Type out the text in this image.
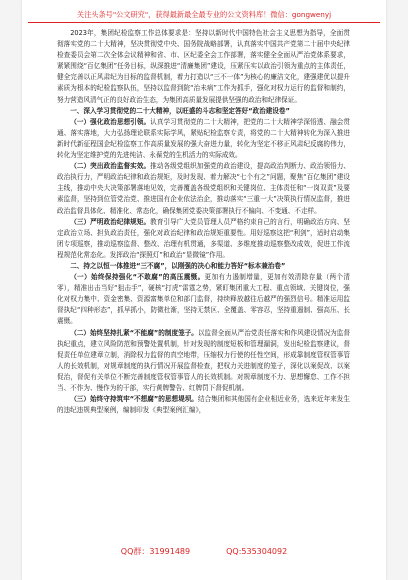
关注头条号"公文研究"，获得最新最全最专业的公文资料库！微信：gongwenyj

2023年，集团纪检监察工作总体要求是：坚持以新时代中国特色社会主义思想为指导，全面贯彻落实党的二十大精神，坚决贯彻党中央、国务院战略部署，认真落实中国共产党第二十届中央纪律检查委员会第二次全体会议精神和省、市、区纪委全会工作部署，落实健全全面从严治党体系要求，紧紧围绕“百亿集团”任务目标，纵深推进“清廉集团”建设，压紧压实以政治引领为重点的主体责任，健全完善以正风肃纪为目标的监督机制，着力打造以“三不一体”为核心的廉洁文化，建强建优以提升素质为根本的纪检监察队伍，坚持以监督到院“治未病”工作为抓手，强化对权力运行的监督和制约，努力营造风清气正的良好政治生态，为集团高质量发展提供坚强的政治和纪律保证。

一、深入学习贯彻党的二十大精神，以旺盛的斗志和坚定答好“政治建设卷”

（一）强化政治思想引领。认真学习贯彻党的二十大精神，把党的二十大精神学深悟透、融会贯通、落实落地，大力弘扬理论联系实际学风，紧贴纪检监察专责，将党的二十大精神转化为深入推进新时代新征程国企纪检监察工作高质量发展的强大奋进力量，转化为坚定不移正风肃纪反腐的伟力，转化为坚定维护党的先进纯洁、永葆党的生机活力的实际成效。

（二）突出政治监督实效。推动各级党组织加强党的政治建设，提高政治判断力、政治领悟力、政治执行力，严明政治纪律和政治规矩，及时发现、着力解决“七个有之”问题，聚焦“百亿集团”建设主线，推动中央大决策部署落地见效，完善覆盖各级党组织和关键岗位、主体责任和“一岗双责”及要素监督，坚持到位管党治党、推进国有企业依法治企，推动落实“三重一大”决策执行情况监督，推进政治监督具体化、精准化、常态化，确保集团党委决策部署执行不偏向、不变通、不走样。

（三）严明政治纪律规矩。教育引导广大党员管理人员严格约束自己的言行，明确政治方向、坚定政治立场、担负政治责任，强化对政治纪律和政治规矩重要性。用好巡察这把“利剑”，适时启动集团专项巡察，推动巡察监督、整改、治理有机贯通，多渠道、多维度推动巡察整改成效，促进工作流程规范化常态化。发挥政治“探照灯”和政治“显微镜”作用。

二、持之以恒一体推进“三不腐”，以刚强的决心和能力答好“标本兼治卷”

（一）始终保持强化“不敢腐”的高压震慑。更加有力遏制增量，更加有效清除存量（两个清零），精准出击当好“狙击手”，硬核“打虎”雷霆之势，紧盯集团重大工程、重点领域、关键岗位，强化对权力集中、资金密集、资源富集单位和部门监督，持续释放越往后越严的强烈信号。精准运用监督执纪“四种形态”，抓早抓小，防微杜渐，坚持无禁区、全覆盖、零容忍，坚持重遏制、强高压、长震慑。

（二）始终坚持扎紧“不能腐”的制度笼子。以监督全面从严治党责任落实和作风建设情况为监督执纪重点，建立风险防范和预警处置机制，针对发现的制度短板和管理漏洞，发出纪检监察建议，督促责任单位建章立制，消除权力监督的真空地带，压缩权力行使的任性空间，形成靠制度管权管事管人的长效机制，对规章制度的执行情况开展监督检查，把权力关进制度的笼子，深化以案促改、以案促治，督促有关单位不断完善制度管权管事管人的长效机制。对规章制度不力、思想懈怠、工作不担当、不作为、慢作为的干部，实行黄牌警告、红牌罚下督促机制。

（三）始终守持筑牢“不想腐”的思想堤坝。结合集团和其他国有企业相近业务，选来近年来发生的违纪违规典型案例，编制印发《典型案例汇编》，

QQ群：31991489	QQ:535304092
